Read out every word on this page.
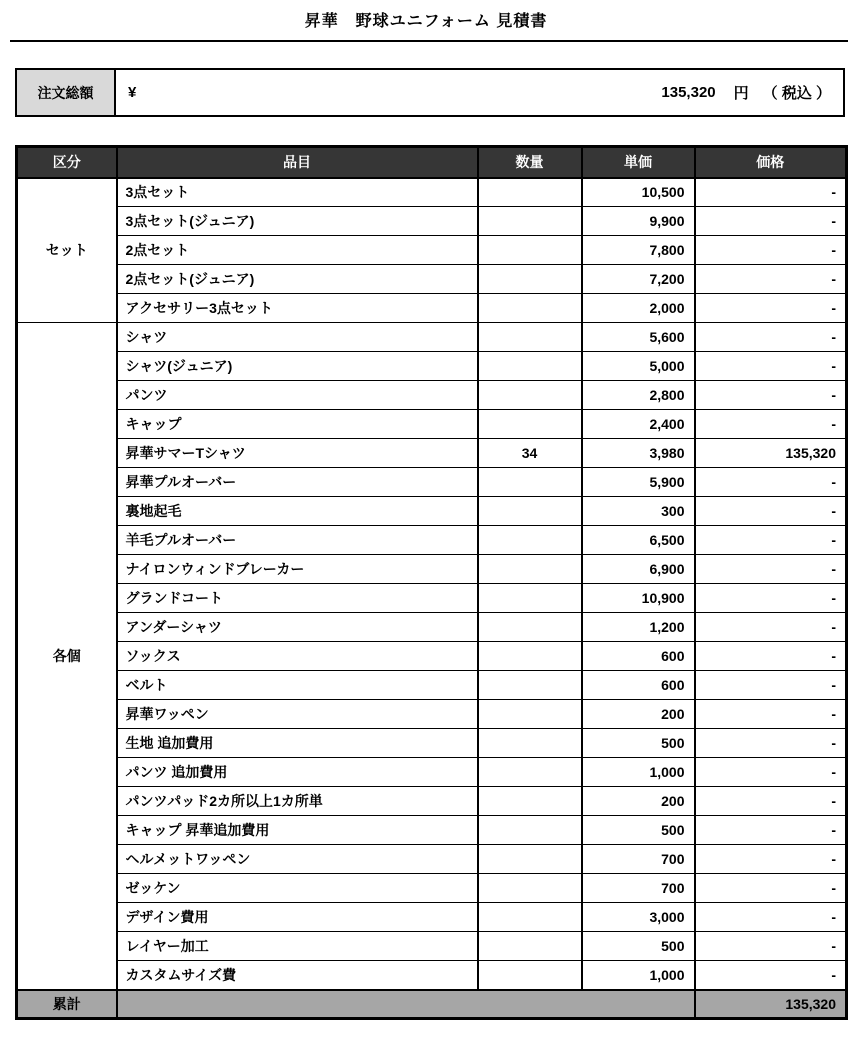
昇華　野球ユニフォーム 見積書
注文総額	¥	135,320 円 （ 税込 ）
区分	品目	数量	単価	価格
セット	3点セット		10,500	-
	3点セット(ジュニア)		9,900	-
	2点セット		7,800	-
	2点セット(ジュニア)		7,200	-
	アクセサリー3点セット		2,000	-
各個	シャツ		5,600	-
	シャツ(ジュニア)		5,000	-
	パンツ		2,800	-
	キャップ		2,400	-
	昇華サマーTシャツ	34	3,980	135,320
	昇華プルオーバー		5,900	-
	裏地起毛		300	-
	羊毛プルオーバー		6,500	-
	ナイロンウィンドブレーカー		6,900	-
	グランドコート		10,900	-
	アンダーシャツ		1,200	-
	ソックス		600	-
	ベルト		600	-
	昇華ワッペン		200	-
	生地 追加費用		500	-
	パンツ 追加費用		1,000	-
	パンツパッド2カ所以上1カ所単		200	-
	キャップ 昇華追加費用		500	-
	ヘルメットワッペン		700	-
	ゼッケン		700	-
	デザイン費用		3,000	-
	レイヤー加工		500	-
	カスタムサイズ費		1,000	-
累計				135,320
